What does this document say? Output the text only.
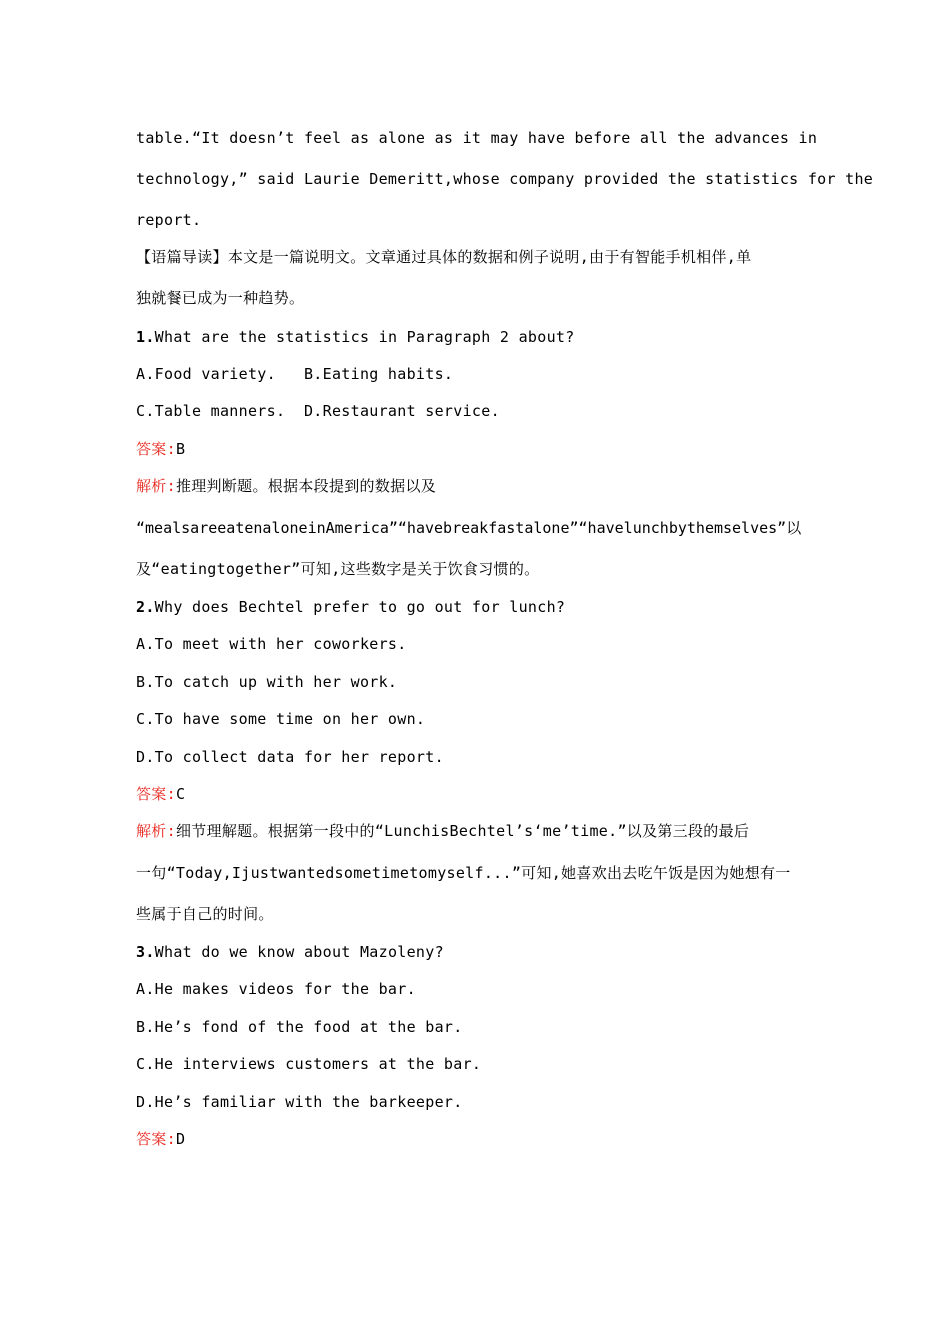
table.“It doesn’t feel as alone as it may have before all the advances in
technology,” said Laurie Demeritt,whose company provided the statistics for the
report.
【语篇导读】本文是一篇说明文。文章通过具体的数据和例子说明,由于有智能手机相伴,单
独就餐已成为一种趋势。
1.What are the statistics in Paragraph 2 about?
A.Food variety.   B.Eating habits.
C.Table manners.  D.Restaurant service.
答案:B
解析:推理判断题。根据本段提到的数据以及
“mealsareeatenaloneinAmerica”“havebreakfastalone”“havelunchbythemselves”以
及“eatingtogether”可知,这些数字是关于饮食习惯的。
2.Why does Bechtel prefer to go out for lunch?
A.To meet with her coworkers.
B.To catch up with her work.
C.To have some time on her own.
D.To collect data for her report.
答案:C
解析:细节理解题。根据第一段中的“LunchisBechtel’s‘me’time.”以及第三段的最后
一句“Today,Ijustwantedsometimetomyself...”可知,她喜欢出去吃午饭是因为她想有一
些属于自己的时间。
3.What do we know about Mazoleny?
A.He makes videos for the bar.
B.He’s fond of the food at the bar.
C.He interviews customers at the bar.
D.He’s familiar with the barkeeper.
答案:D
